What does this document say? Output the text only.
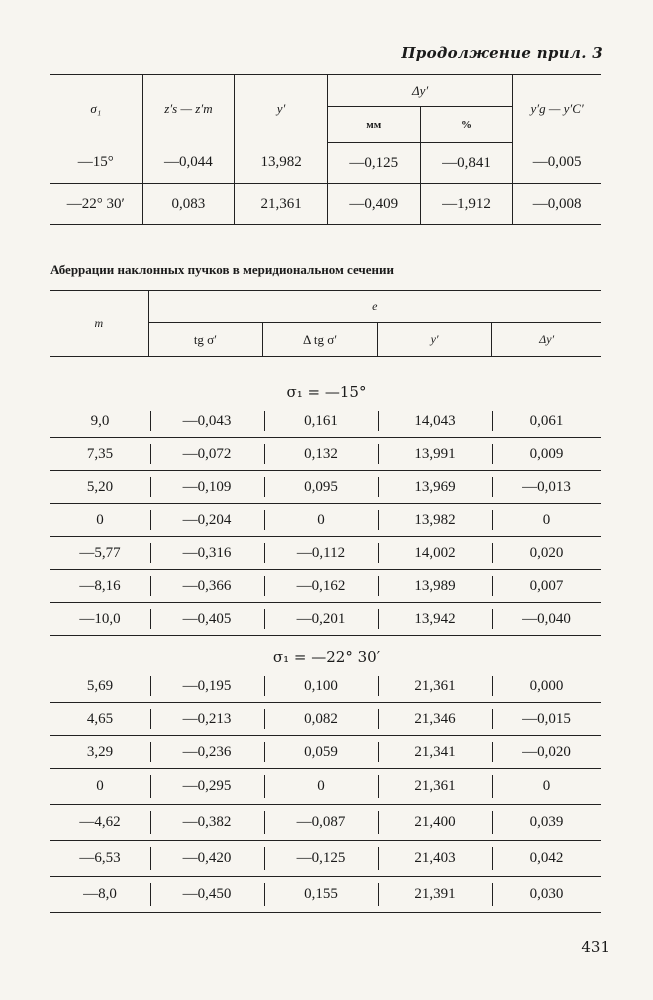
Продолжение прил. 3
σ₁	z′s — z′m	y′	Δy′		y′g — y′C′
			мм	%	
—15°	—0,044	13,982	—0,125	—0,841	—0,005
—22° 30′	0,083	21,361	—0,409	—1,912	—0,008
Аберрации наклонных пучков в меридиональном сечении
m	e			
	tg σ′	Δ tg σ′	y′	Δy′
σ₁ = —15°
9,0	—0,043	0,161	14,043	0,061
7,35	—0,072	0,132	13,991	0,009
5,20	—0,109	0,095	13,969	—0,013
0	—0,204	0	13,982	0
—5,77	—0,316	—0,112	14,002	0,020
—8,16	—0,366	—0,162	13,989	0,007
—10,0	—0,405	—0,201	13,942	—0,040
σ₁ = —22° 30′
5,69	—0,195	0,100	21,361	0,000
4,65	—0,213	0,082	21,346	—0,015
3,29	—0,236	0,059	21,341	—0,020
0	—0,295	0	21,361	0
—4,62	—0,382	—0,087	21,400	0,039
—6,53	—0,420	—0,125	21,403	0,042
—8,0	—0,450	0,155	21,391	0,030
431
